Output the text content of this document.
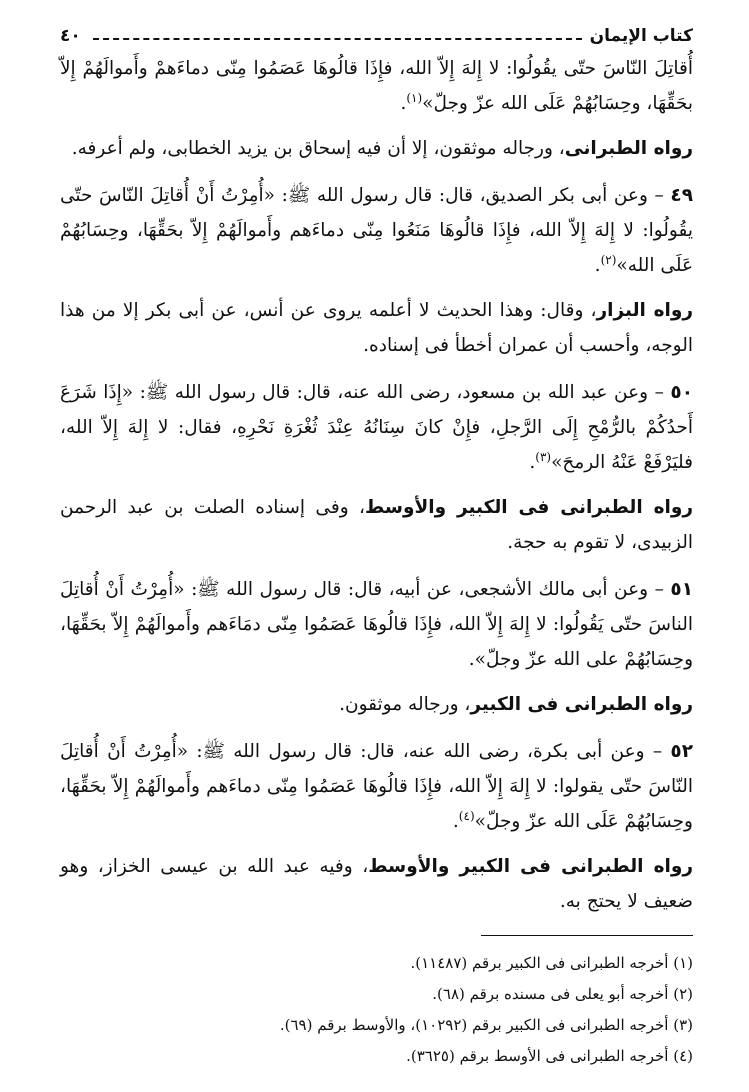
كتاب الإيمان
٤٠

أُقاتِلَ النّاسَ حتّى يقُولُوا: لا إِلهَ إِلاّ الله، فإِذَا قالُوهَا عَصَمُوا مِنّى دماءَهمْ وأَموالَهُمْ إِلاّ بحَقِّهَا، وحِسَابُهُمْ عَلَى الله عزّ وجلّ»$^{(١)}$.

رواه الطبرانى، ورجاله موثقون، إلا أن فيه إسحاق بن يزيد الخطابى، ولم أعرفه.

٤٩ – وعن أبى بكر الصديق، قال: قال رسول الله ﷺ: «أُمِرْتُ أَنْ أُقاتِلَ النّاسَ حتّى يقُولُوا: لا إِلهَ إِلاّ الله، فإِذَا قالُوهَا مَنَعُوا مِنّى دماءَهم وأَموالَهُمْ إِلاّ بحَقِّهَا، وحِسَابُهُمْ عَلَى الله»$^{(٢)}$.

رواه البزار، وقال: وهذا الحديث لا أعلمه يروى عن أنس، عن أبى بكر إلا من هذا الوجه، وأحسب أن عمران أخطأ فى إسناده.

٥٠ – وعن عبد الله بن مسعود، رضى الله عنه، قال: قال رسول الله ﷺ: «إِذَا شَرَعَ أَحدُكُمْ بالرُّمْحِ إِلَى الرَّجلِ، فإِنْ كانَ سِنَانُهُ عِنْدَ ثُغْرَةِ نَحْرِهِ، فقال: لا إِلهَ إِلاّ الله، فليَرْفَعْ عَنْهُ الرمحَ»$^{(٣)}$.

رواه الطبرانى فى الكبير والأوسط، وفى إسناده الصلت بن عبد الرحمن الزبيدى، لا تقوم به حجة.

٥١ – وعن أبى مالك الأشجعى، عن أبيه، قال: قال رسول الله ﷺ: «أُمِرْتُ أَنْ أُقاتِلَ الناسَ حتّى يَقُولُوا: لا إِلهَ إِلاّ الله، فإِذَا قالُوهَا عَصَمُوا مِنّى دمَاءَهم وأَموالَهُمْ إِلاّ بحَقِّهَا، وحِسَابُهُمْ على الله عزّ وجلّ».

رواه الطبرانى فى الكبير، ورجاله موثقون.

٥٢ – وعن أبى بكرة، رضى الله عنه، قال: قال رسول الله ﷺ: «أُمِرْتُ أَنْ أُقاتِلَ النّاسَ حتّى يقولوا: لا إِلهَ إِلاّ الله، فإِذَا قالُوهَا عَصَمُوا مِنّى دماءَهم وأَموالَهُمْ إِلاّ بحَقِّهَا، وحِسَابُهُمْ عَلَى الله عزّ وجلّ»$^{(٤)}$.

رواه الطبرانى فى الكبير والأوسط، وفيه عبد الله بن عيسى الخزاز، وهو ضعيف لا يحتج به.

(١) أخرجه الطبرانى فى الكبير برقم (١١٤٨٧).
(٢) أخرجه أبو يعلى فى مسنده برقم (٦٨).
(٣) أخرجه الطبرانى فى الكبير برقم (١٠٢٩٢)، والأوسط برقم (٦٩).
(٤) أخرجه الطبرانى فى الأوسط برقم (٣٦٢٥).
